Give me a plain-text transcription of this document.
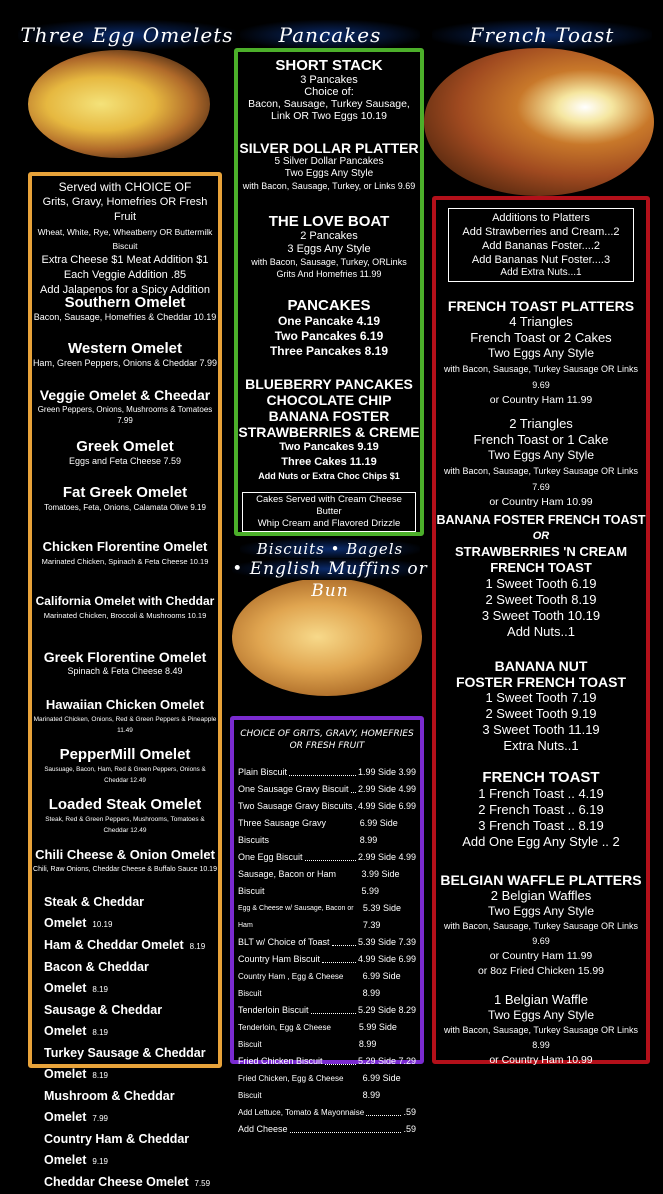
Three Egg Omelets	Pancakes	French Toast
Biscuits • Bagels
• English Muffins or Bun
Served with CHOICE OF
Grits, Gravy, Homefries OR Fresh Fruit
Wheat, White, Rye, Wheatberry OR Buttermilk Biscuit
Extra Cheese $1 Meat Addition $1
Each Veggie Addition .85
Add Jalapenos for a Spicy Addition
Southern Omelet
Bacon, Sausage, Homefries & Cheddar 10.19
Western Omelet
Ham, Green Peppers, Onions & Cheddar 7.99
Veggie Omelet & Cheedar
Green Peppers, Onions, Mushrooms & Tomatoes 7.99
Greek Omelet
Eggs and Feta Cheese 7.59
Fat Greek Omelet
Tomatoes, Feta, Onions, Calamata Olive 9.19
Chicken Florentine Omelet
Marinated Chicken, Spinach & Feta Cheese 10.19
California Omelet with Cheddar
Marinated Chicken, Broccoli & Mushrooms 10.19
Greek Florentine Omelet
Spinach & Feta Cheese 8.49
Hawaiian Chicken Omelet
Marinated Chicken, Onions, Red & Green Peppers & Pineapple 11.49
PepperMill Omelet
Sausuage, Bacon, Ham, Red & Green Peppers, Onions & Cheddar 12.49
Loaded Steak Omelet
Steak, Red & Green Peppers, Mushrooms, Tomatoes & Cheddar 12.49
Chili Cheese & Onion Omelet
Chili, Raw Onions, Cheddar Cheese & Buffalo Sauce 10.19
Steak & Cheddar Omelet 10.19
Ham & Cheddar Omelet 8.19
Bacon & Cheddar Omelet 8.19
Sausage & Cheddar Omelet 8.19
Turkey Sausage & Cheddar Omelet 8.19
Mushroom & Cheddar Omelet 7.99
Country Ham & Cheddar Omelet 9.19
Cheddar Cheese Omelet 7.59
SHORT STACK
3 Pancakes
Choice of:
Bacon, Sausage, Turkey Sausage,
Link OR Two Eggs 10.19
SILVER DOLLAR PLATTER
5 Silver Dollar Pancakes
Two Eggs Any Style
with Bacon, Sausage, Turkey, or Links 9.69
THE LOVE BOAT
2 Pancakes
3 Eggs Any Style
with Bacon, Sausage, Turkey, ORLinks
Grits And Homefries 11.99
PANCAKES
One Pancake 4.19
Two Pancakes 6.19
Three Pancakes 8.19
BLUEBERRY PANCAKES
CHOCOLATE CHIP
BANANA FOSTER
STRAWBERRIES & CREME
Two Pancakes 9.19
Three Cakes 11.19
Add Nuts or Extra Choc Chips $1
Cakes Served with Cream Cheese Butter
Whip Cream and Flavored Drizzle
CHOICE OF GRITS, GRAVY, HOMEFRIES
OR FRESH FRUIT
Plain Biscuit	1.99 Side 3.99
One Sausage Gravy Biscuit 2.99 Side 4.99
Two Sausage Gravy Biscuits 4.99 Side 6.99
Three Sausage Gravy Biscuits
6.99 Side 8.99
One Egg Biscuit	2.99 Side 4.99
Sausage, Bacon or Ham Biscuit
3.99 Side 5.99
Egg & Cheese w/ Sausage, Bacon or Ham
5.39 Side 7.39
BLT w/ Choice of Toast	5.39 Side 7.39
Country Ham Biscuit	4.99 Side 6.99
Country Ham , Egg & Cheese Biscuit
6.99 Side 8.99
Tenderloin Biscuit	5.29 Side 8.29
Tenderloin, Egg & Cheese Biscuit
5.99 Side 8.99
Fried Chicken Biscuit	5.29 Side 7.29
Fried Chicken, Egg & Cheese Biscuit
6.99 Side 8.99
Add Lettuce, Tomato & Mayonnaise	.59
Add Cheese	.59
Additions to Platters
Add Strawberries and Cream...2
Add Bananas Foster....2
Add Bananas Nut Foster....3
Add Extra Nuts...1
FRENCH TOAST PLATTERS
4 Triangles
French Toast or 2 Cakes
Two Eggs Any Style
with Bacon, Sausage, Turkey Sausage OR Links 9.69
or Country Ham 11.99
2 Triangles
French Toast or 1 Cake
Two Eggs Any Style
with Bacon, Sausage, Turkey Sausage OR Links 7.69
or Country Ham 10.99
BANANA FOSTER FRENCH TOAST
OR
STRAWBERRIES 'N CREAM
FRENCH TOAST
1 Sweet Tooth 6.19
2 Sweet Tooth 8.19
3 Sweet Tooth 10.19
Add Nuts..1
BANANA NUT
FOSTER FRENCH TOAST
1 Sweet Tooth 7.19
2 Sweet Tooth 9.19
3 Sweet Tooth 11.19
Extra Nuts..1
FRENCH TOAST
1 French Toast .. 4.19
2 French Toast .. 6.19
3 French Toast .. 8.19
Add One Egg Any Style .. 2
BELGIAN WAFFLE PLATTERS
2 Belgian Waffles
Two Eggs Any Style
with Bacon, Sausage, Turkey Sausage OR Links 9.69
or Country Ham 11.99
or 8oz Fried Chicken 15.99
1 Belgian Waffle
Two Eggs Any Style
with Bacon, Sausage, Turkey Sausage OR Links 8.99
or Country Ham 10.99
